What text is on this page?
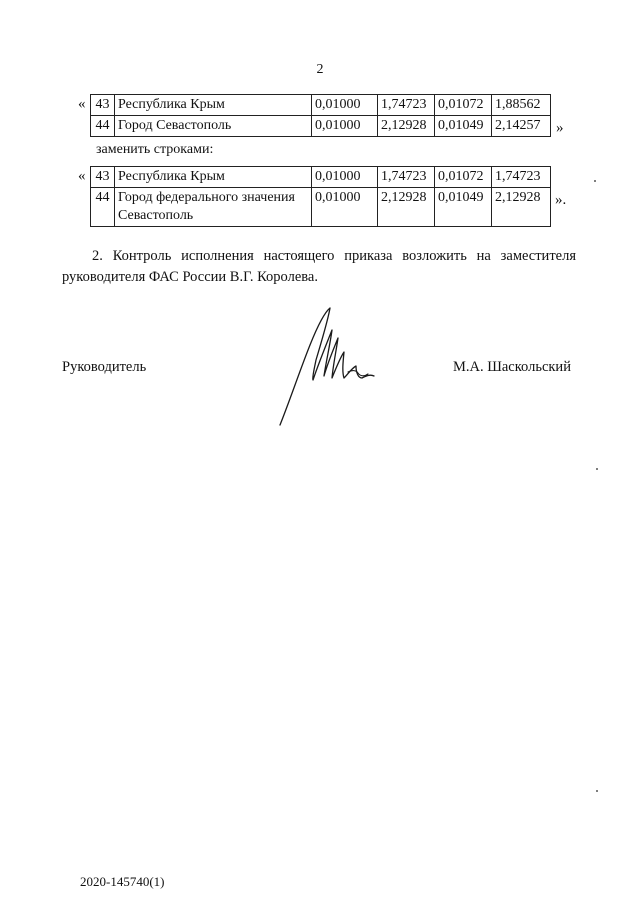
2
« 43	Республика Крым	0,01000	1,74723	0,01072	1,88562
44	Город Севастополь	0,01000	2,12928	0,01049	2,14257 »
заменить строками:
« 43	Республика Крым	0,01000	1,74723	0,01072	1,74723
44	Город федерального значения Севастополь	0,01000	2,12928	0,01049	2,12928 ».
2. Контроль исполнения настоящего приказа возложить на заместителя руководителя ФАС России В.Г. Королева.
Руководитель	М.А. Шаскольский
2020-145740(1)
